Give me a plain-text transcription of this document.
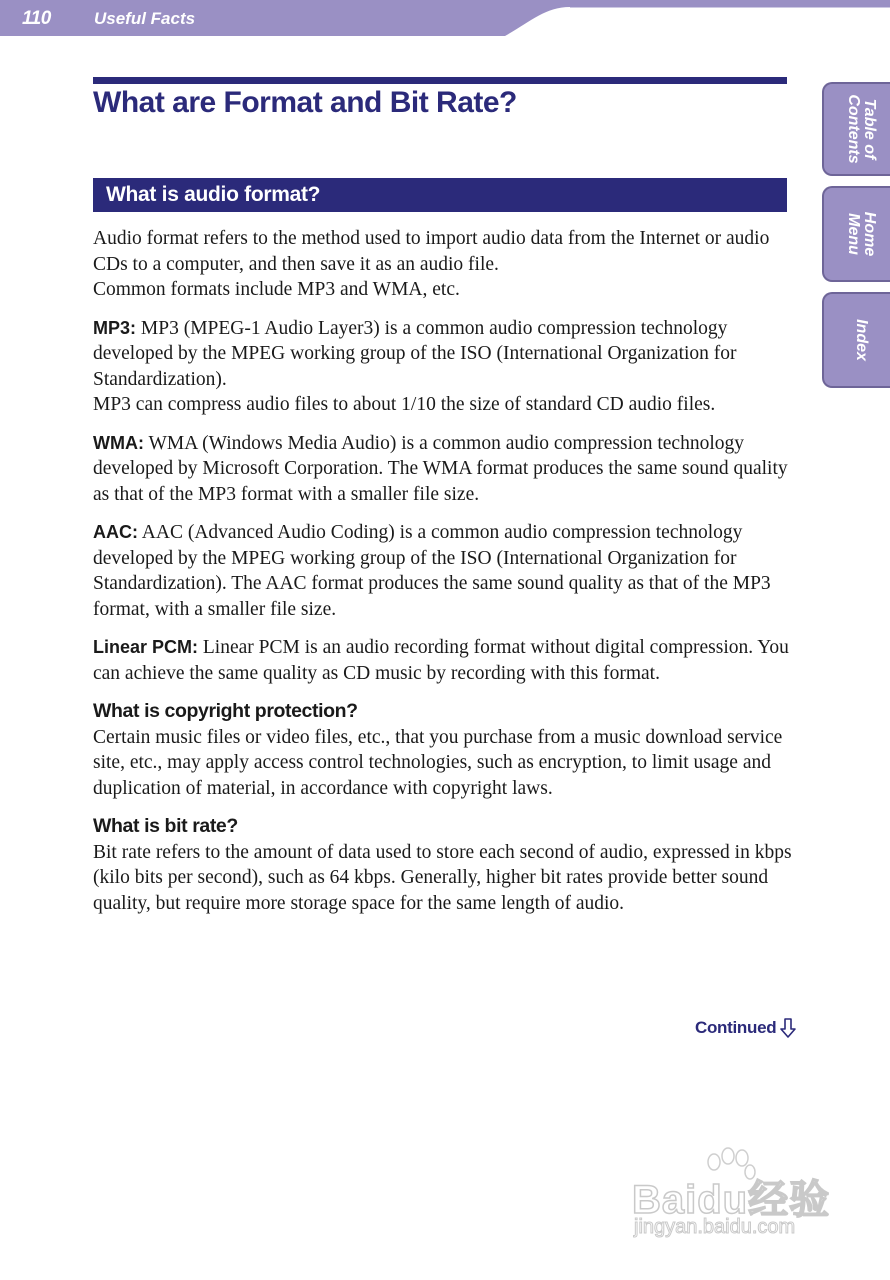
110	Useful Facts
Table of Contents
Home Menu
Index
What are Format and Bit Rate?
What is audio format?

Audio format refers to the method used to import audio data from the Internet or audio CDs to a computer, and then save it as an audio file.
Common formats include MP3 and WMA, etc.

MP3: MP3 (MPEG-1 Audio Layer3) is a common audio compression technology developed by the MPEG working group of the ISO (International Organization for Standardization).
MP3 can compress audio files to about 1/10 the size of standard CD audio files.

WMA: WMA (Windows Media Audio) is a common audio compression technology developed by Microsoft Corporation. The WMA format produces the same sound quality as that of the MP3 format with a smaller file size.

AAC: AAC (Advanced Audio Coding) is a common audio compression technology developed by the MPEG working group of the ISO (International Organization for Standardization). The AAC format produces the same sound quality as that of the MP3 format, with a smaller file size.

Linear PCM: Linear PCM is an audio recording format without digital compression. You can achieve the same quality as CD music by recording with this format.

What is copyright protection?

Certain music files or video files, etc., that you purchase from a music download service site, etc., may apply access control technologies, such as encryption, to limit usage and duplication of material, in accordance with copyright laws.

What is bit rate?

Bit rate refers to the amount of data used to store each second of audio, expressed in kbps (kilo bits per second), such as 64 kbps. Generally, higher bit rates provide better sound quality, but require more storage space for the same length of audio.

Continued
Baidu经验
jingyan.baidu.com
